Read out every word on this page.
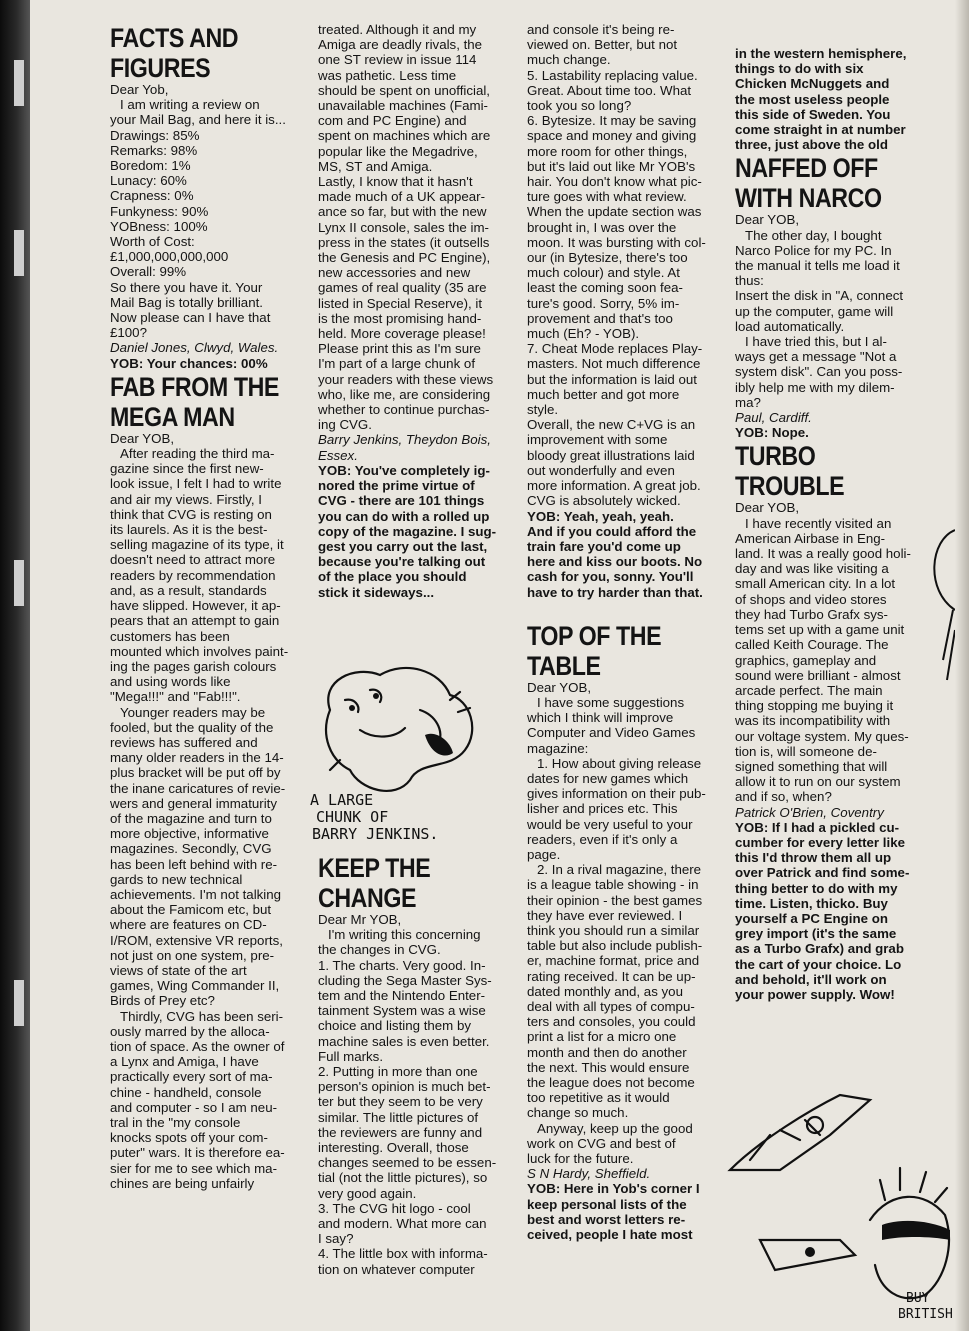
FACTS AND
FIGURES

Dear Yob,

I am writing a review on

your Mail Bag, and here it is...

Drawings: 85%

Remarks: 98%

Boredom: 1%

Lunacy: 60%

Crapness: 0%

Funkyness: 90%

YOBness: 100%

Worth of Cost:

£1,000,000,000,000

Overall: 99%

So there you have it. Your

Mail Bag is totally brilliant.

Now please can I have that

£100?

Daniel Jones, Clwyd, Wales.

YOB: Your chances: 00%

FAB FROM THE
MEGA MAN

Dear YOB,

After reading the third ma-

gazine since the first new-

look issue, I felt I had to write

and air my views. Firstly, I

think that CVG is resting on

its laurels. As it is the best-

selling magazine of its type, it

doesn't need to attract more

readers by recommendation

and, as a result, standards

have slipped. However, it ap-

pears that an attempt to gain

customers has been

mounted which involves paint-

ing the pages garish colours

and using words like

"Mega!!!" and "Fab!!!".

Younger readers may be

fooled, but the quality of the

reviews has suffered and

many older readers in the 14-

plus bracket will be put off by

the inane caricatures of revie-

wers and general immaturity

of the magazine and turn to

more objective, informative

magazines. Secondly, CVG

has been left behind with re-

gards to new technical

achievements. I'm not talking

about the Famicom etc, but

where are features on CD-

I/ROM, extensive VR reports,

not just on one system, pre-

views of state of the art

games, Wing Commander II,

Birds of Prey etc?

Thirdly, CVG has been seri-

ously marred by the alloca-

tion of space. As the owner of

a Lynx and Amiga, I have

practically every sort of ma-

chine - handheld, console

and computer - so I am neu-

tral in the "my console

knocks spots off your com-

puter" wars. It is therefore ea-

sier for me to see which ma-

chines are being unfairly

treated. Although it and my

Amiga are deadly rivals, the

one ST review in issue 114

was pathetic. Less time

should be spent on unofficial,

unavailable machines (Fami-

com and PC Engine) and

spent on machines which are

popular like the Megadrive,

MS, ST and Amiga.

Lastly, I know that it hasn't

made much of a UK appear-

ance so far, but with the new

Lynx II console, sales the im-

press in the states (it outsells

the Genesis and PC Engine),

new accessories and new

games of real quality (35 are

listed in Special Reserve), it

is the most promising hand-

held. More coverage please!

Please print this as I'm sure

I'm part of a large chunk of

your readers with these views

who, like me, are considering

whether to continue purchas-

ing CVG.

Barry Jenkins, Theydon Bois,

Essex.

YOB: You've completely ig-

nored the prime virtue of

CVG - there are 101 things

you can do with a rolled up

copy of the magazine. I sug-

gest you carry out the last,

because you're talking out

of the place you should

stick it sideways...

KEEP THE
CHANGE

Dear Mr YOB,

I'm writing this concerning

the changes in CVG.

1. The charts. Very good. In-

cluding the Sega Master Sys-

tem and the Nintendo Enter-

tainment System was a wise

choice and listing them by

machine sales is even better.

Full marks.

2. Putting in more than one

person's opinion is much bet-

ter but they seem to be very

similar. The little pictures of

the reviewers are funny and

interesting. Overall, those

changes seemed to be essen-

tial (not the little pictures), so

very good again.

3. The CVG hit logo - cool

and modern. What more can

I say?

4. The little box with informa-

tion on whatever computer

and console it's being re-

viewed on. Better, but not

much change.

5. Lastability replacing value.

Great. About time too. What

took you so long?

6. Bytesize. It may be saving

space and money and giving

more room for other things,

but it's laid out like Mr YOB's

hair. You don't know what pic-

ture goes with what review.

When the update section was

brought in, I was over the

moon. It was bursting with col-

our (in Bytesize, there's too

much colour) and style. At

least the coming soon fea-

ture's good. Sorry, 5% im-

provement and that's too

much (Eh? - YOB).

7. Cheat Mode replaces Play-

masters. Not much difference

but the information is laid out

much better and got more

style.

Overall, the new C+VG is an

improvement with some

bloody great illustrations laid

out wonderfully and even

more information. A great job.

CVG is absolutely wicked.

YOB: Yeah, yeah, yeah.

And if you could afford the

train fare you'd come up

here and kiss our boots. No

cash for you, sonny. You'll

have to try harder than that.

TOP OF THE
TABLE

Dear YOB,

I have some suggestions

which I think will improve

Computer and Video Games

magazine:

1. How about giving release

dates for new games which

gives information on their pub-

lisher and prices etc. This

would be very useful to your

readers, even if it's only a

page.

2. In a rival magazine, there

is a league table showing - in

their opinion - the best games

they have ever reviewed. I

think you should run a similar

table but also include publish-

er, machine format, price and

rating received. It can be up-

dated monthly and, as you

deal with all types of compu-

ters and consoles, you could

print a list for a micro one

month and then do another

the next. This would ensure

the league does not become

too repetitive as it would

change so much.

Anyway, keep up the good

work on CVG and best of

luck for the future.

S N Hardy, Sheffield.

YOB: Here in Yob's corner I

keep personal lists of the

best and worst letters re-

ceived, people I hate most

in the western hemisphere,

things to do with six

Chicken McNuggets and

the most useless people

this side of Sweden. You

come straight in at number

three, just above the old

NAFFED OFF
WITH NARCO

Dear YOB,

The other day, I bought

Narco Police for my PC. In

the manual it tells me load it

thus:

Insert the disk in "A, connect

up the computer, game will

load automatically.

I have tried this, but I al-

ways get a message "Not a

system disk". Can you poss-

ibly help me with my dilem-

ma?

Paul, Cardiff.

YOB: Nope.

TURBO
TROUBLE

Dear YOB,

I have recently visited an

American Airbase in Eng-

land. It was a really good holi-

day and was like visiting a

small American city. In a lot

of shops and video stores

they had Turbo Grafx sys-

tems set up with a game unit

called Keith Courage. The

graphics, gameplay and

sound were brilliant - almost

arcade perfect. The main

thing stopping me buying it

was its incompatibility with

our voltage system. My ques-

tion is, will someone de-

signed something that will

allow it to run on our system

and if so, when?

Patrick O'Brien, Coventry

YOB: If I had a pickled cu-

cumber for every letter like

this I'd throw them all up

over Patrick and find some-

thing better to do with my

time. Listen, thicko. Buy

yourself a PC Engine on

grey import (it's the same

as a Turbo Grafx) and grab

the cart of your choice. Lo

and behold, it'll work on

your power supply. Wow!

A LARGE
CHUNK OF
BARRY JENKINS.
BUY
BRITISH
